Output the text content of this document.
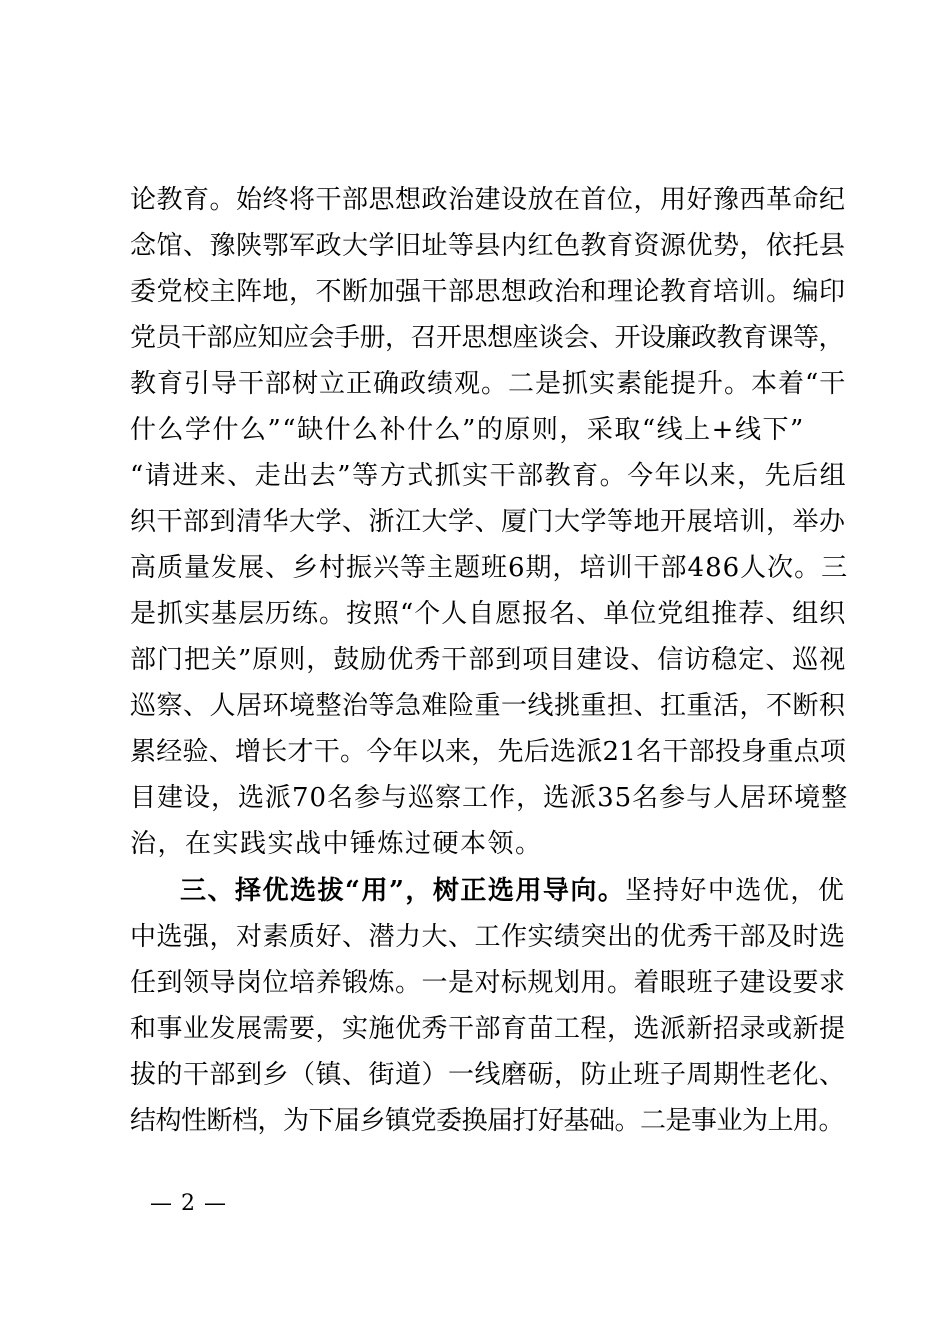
论教育。始终将干部思想政治建设放在首位，用好豫西革命纪
念馆、豫陕鄂军政大学旧址等县内红色教育资源优势，依托县
委党校主阵地，不断加强干部思想政治和理论教育培训。编印
党员干部应知应会手册，召开思想座谈会、开设廉政教育课等，
教育引导干部树立正确政绩观。二是抓实素能提升。本着“干
什么学什么”“缺什么补什么”的原则，采取“线上+线下”
“请进来、走出去”等方式抓实干部教育。今年以来，先后组
织干部到清华大学、浙江大学、厦门大学等地开展培训，举办
高质量发展、乡村振兴等主题班6期，培训干部486人次。三
是抓实基层历练。按照“个人自愿报名、单位党组推荐、组织
部门把关”原则，鼓励优秀干部到项目建设、信访稳定、巡视
巡察、人居环境整治等急难险重一线挑重担、扛重活，不断积
累经验、增长才干。今年以来，先后选派21名干部投身重点项
目建设，选派70名参与巡察工作，选派35名参与人居环境整
治，在实践实战中锤炼过硬本领。
三、择优选拔“用”，树正选用导向。坚持好中选优，优
中选强，对素质好、潜力大、工作实绩突出的优秀干部及时选
任到领导岗位培养锻炼。一是对标规划用。着眼班子建设要求
和事业发展需要，实施优秀干部育苗工程，选派新招录或新提
拔的干部到乡（镇、街道）一线磨砺，防止班子周期性老化、
结构性断档，为下届乡镇党委换届打好基础。二是事业为上用。
— 2 —
